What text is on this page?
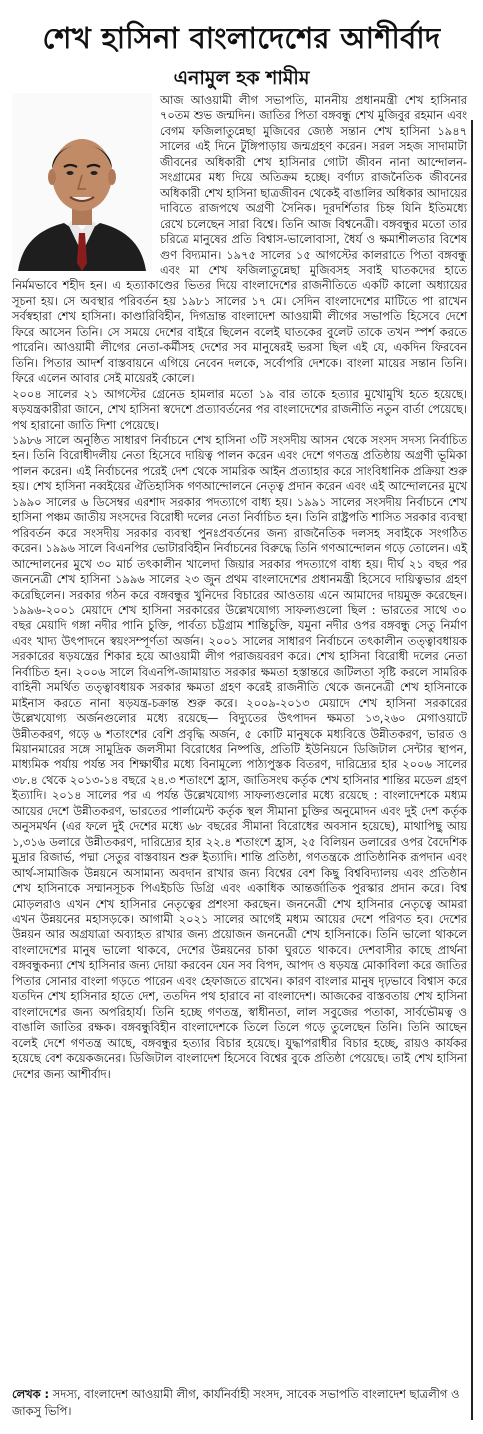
শেখ হাসিনা বাংলাদেশের আশীর্বাদ
এনামুল হক শামীম

আজ আওয়ামী লীগ সভাপতি, মাননীয় প্রধানমন্ত্রী শেখ হাসিনার ৭০তম শুভ জন্মদিন। জাতির পিতা বঙ্গবন্ধু শেখ মুজিবুর রহমান এবং বেগম ফজিলাতুন্নেছা মুজিবের জ্যেষ্ঠ সন্তান শেখ হাসিনা ১৯৪৭ সালের এই দিনে টুঙ্গিপাড়ায় জন্মগ্রহণ করেন। সরল সহজ সাদামাটা জীবনের অধিকারী শেখ হাসিনার গোটা জীবন নানা আন্দোলন-সংগ্রামের মধ্য দিয়ে অতিক্রম হচ্ছে। বর্ণাঢ্য রাজনৈতিক জীবনের অধিকারী শেখ হাসিনা ছাত্রজীবন থেকেই বাঙালির অধিকার আদায়ের দাবিতে রাজপথে অগ্রণী সৈনিক। দূরদর্শিতার চিহ্ন যিনি ইতিমধ্যে রেখে চলেছেন সারা বিশ্বে। তিনি আজ বিশ্বনেত্রী। বঙ্গবন্ধুর মতো তার চরিত্রে মানুষের প্রতি বিশ্বাস-ভালোবাসা, ধৈর্য ও ক্ষমাশীলতার বিশেষ গুণ বিদ্যমান। ১৯৭৫ সালের ১৫ আগস্টের কালরাতে পিতা বঙ্গবন্ধু এবং মা শেখ ফজিলাতুন্নেছা মুজিবসহ সবাই ঘাতকদের হাতে নির্মমভাবে শহীদ হন। এ হত্যাকাণ্ডের ভিতর দিয়ে বাংলাদেশের রাজনীতিতে একটি কালো অধ্যায়ের সূচনা হয়। সে অবস্থার পরিবর্তন হয় ১৯৮১ সালের ১৭ মে। সেদিন বাংলাদেশের মাটিতে পা রাখেন সর্বস্বহারা শেখ হাসিনা। কাণ্ডারিবিহীন, দিগভ্রান্ত বাংলাদেশ আওয়ামী লীগের সভাপতি হিসেবে দেশে ফিরে আসেন তিনি। সে সময়ে দেশের বাইরে ছিলেন বলেই ঘাতকের বুলেট তাকে তখন স্পর্শ করতে পারেনি। আওয়ামী লীগের নেতা-কর্মীসহ দেশের সব মানুষেরই ভরসা ছিল এই যে, একদিন ফিরবেন তিনি। পিতার আদর্শ বাস্তবায়নে এগিয়ে নেবেন দলকে, সর্বোপরি দেশকে। বাংলা মায়ের সন্তান তিনি। ফিরে এলেন আবার সেই মায়েরই কোলে।

২০০৪ সালের ২১ আগস্টের গ্রেনেড হামলার মতো ১৯ বার তাকে হত্যার মুখোমুখি হতে হয়েছে। ষড়যন্ত্রকারীরা জানে, শেখ হাসিনা স্বদেশে প্রত্যাবর্তনের পর বাংলাদেশের রাজনীতি নতুন বার্তা পেয়েছে। পথ হারানো জাতি দিশা পেয়েছে।

১৯৮৬ সালে অনুষ্ঠিত সাধারণ নির্বাচনে শেখ হাসিনা ৩টি সংসদীয় আসন থেকে সংসদ সদস্য নির্বাচিত হন। তিনি বিরোধীদলীয় নেতা হিসেবে দায়িত্ব পালন করেন এবং দেশে গণতন্ত্র প্রতিষ্ঠায় অগ্রণী ভূমিকা পালন করেন। এই নির্বাচনের পরেই দেশ থেকে সামরিক আইন প্রত্যাহার করে সাংবিধানিক প্রক্রিয়া শুরু হয়। শেখ হাসিনা নব্বইয়ের ঐতিহাসিক গণআন্দোলনে নেতৃত্ব প্রদান করেন এবং এই আন্দোলনের মুখে ১৯৯০ সালের ৬ ডিসেম্বর এরশাদ সরকার পদত্যাগে বাধ্য হয়। ১৯৯১ সালের সংসদীয় নির্বাচনে শেখ হাসিনা পঞ্চম জাতীয় সংসদের বিরোধী দলের নেতা নির্বাচিত হন। তিনি রাষ্ট্রপতি শাসিত সরকার ব্যবস্থা পরিবর্তন করে সংসদীয় সরকার ব্যবস্থা পুনঃপ্রবর্তনের জন্য রাজনৈতিক দলসহ সবাইকে সংগঠিত করেন। ১৯৯৬ সালে বিএনপির ভোটারবিহীন নির্বাচনের বিরুদ্ধে তিনি গণআন্দোলন গড়ে তোলেন। এই আন্দোলনের মুখে ৩০ মার্চ তৎকালীন খালেদা জিয়ার সরকার পদত্যাগে বাধ্য হয়। দীর্ঘ ২১ বছর পর জননেত্রী শেখ হাসিনা ১৯৯৬ সালের ২৩ জুন প্রথম বাংলাদেশের প্রধানমন্ত্রী হিসেবে দায়িত্বভার গ্রহণ করেছিলেন। সরকার গঠন করে বঙ্গবন্ধুর খুনিদের বিচারের আওতায় এনে আমাদের দায়মুক্ত করেছেন। ১৯৯৬-২০০১ মেয়াদে শেখ হাসিনা সরকারের উল্লেখযোগ্য সাফল্যগুলো ছিল : ভারতের সাথে ৩০ বছর মেয়াদি গঙ্গা নদীর পানি চুক্তি, পার্বত্য চট্টগ্রাম শান্তিচুক্তি, যমুনা নদীর ওপর বঙ্গবন্ধু সেতু নির্মাণ এবং খাদ্য উৎপাদনে স্বয়ংসম্পূর্ণতা অর্জন। ২০০১ সালের সাধারণ নির্বাচনে তৎকালীন তত্ত্বাবধায়ক সরকারের ষড়যন্ত্রের শিকার হয়ে আওয়ামী লীগ পরাজয়বরণ করে। শেখ হাসিনা বিরোধী দলের নেতা নির্বাচিত হন। ২০০৬ সালে বিএনপি-জামায়াত সরকার ক্ষমতা হস্তান্তরে জটিলতা সৃষ্টি করলে সামরিক বাহিনী সমর্থিত তত্ত্বাবধায়ক সরকার ক্ষমতা গ্রহণ করেই রাজনীতি থেকে জননেত্রী শেখ হাসিনাকে মাইনাস করতে নানা ষড়যন্ত্র-চক্রান্ত শুরু করে। ২০০৯-২০১৩ মেয়াদে শেখ হাসিনা সরকারের উল্লেখযোগ্য অর্জনগুলোর মধ্যে রয়েছে— বিদ্যুতের উৎপাদন ক্ষমতা ১৩,২৬০ মেগাওয়াটে উন্নীতকরণ, গড়ে ৬ শতাংশের বেশি প্রবৃদ্ধি অর্জন, ৫ কোটি মানুষকে মধ্যবিত্তে উন্নীতকরণ, ভারত ও মিয়ানমারের সঙ্গে সামুদ্রিক জলসীমা বিরোধের নিষ্পত্তি, প্রতিটি ইউনিয়নে ডিজিটাল সেন্টার স্থাপন, মাধ্যমিক পর্যায় পর্যন্ত সব শিক্ষার্থীর মধ্যে বিনামূল্যে পাঠ্যপুস্তক বিতরণ, দারিদ্র্যের হার ২০০৬ সালের ৩৮.৪ থেকে ২০১৩-১৪ বছরে ২৪.৩ শতাংশে হ্রাস, জাতিসংঘ কর্তৃক শেখ হাসিনার শান্তির মডেল গ্রহণ ইত্যাদি। ২০১৪ সালের পর এ পর্যন্ত উল্লেখযোগ্য সাফল্যগুলোর মধ্যে রয়েছে : বাংলাদেশকে মধ্যম আয়ের দেশে উন্নীতকরণ, ভারতের পার্লামেন্ট কর্তৃক স্থল সীমানা চুক্তির অনুমোদন এবং দুই দেশ কর্তৃক অনুসমর্থন (এর ফলে দুই দেশের মধ্যে ৬৮ বছরের সীমানা বিরোধের অবসান হয়েছে), মাথাপিছু আয় ১,৩১৬ ডলারে উন্নীতকরণ, দারিদ্র্যের হার ২২.৪ শতাংশে হ্রাস, ২৫ বিলিয়ন ডলারের ওপর বৈদেশিক মুদ্রার রিজার্ভ, পদ্মা সেতুর বাস্তবায়ন শুরু ইত্যাদি। শান্তি প্রতিষ্ঠা, গণতন্ত্রকে প্রাতিষ্ঠানিক রূপদান এবং আর্থ-সামাজিক উন্নয়নে অসামান্য অবদান রাখার জন্য বিশ্বের বেশ কিছু বিশ্ববিদ্যালয় এবং প্রতিষ্ঠান শেখ হাসিনাকে সম্মানসূচক পিএইচডি ডিগ্রি এবং একাধিক আন্তর্জাতিক পুরস্কার প্রদান করে। বিশ্ব মোড়লরাও এখন শেখ হাসিনার নেতৃত্বের প্রশংসা করছেন। জননেত্রী শেখ হাসিনার নেতৃত্বে আমরা এখন উন্নয়নের মহাসড়কে। আগামী ২০২১ সালের আগেই মধ্যম আয়ের দেশে পরিণত হব। দেশের উন্নয়ন আর অগ্রযাত্রা অব্যাহত রাখার জন্য প্রয়োজন জননেত্রী শেখ হাসিনাকে। তিনি ভালো থাকলে বাংলাদেশের মানুষ ভালো থাকবে, দেশের উন্নয়নের চাকা ঘুরতে থাকবে। দেশবাসীর কাছে প্রার্থনা বঙ্গবন্ধুকন্যা শেখ হাসিনার জন্য দোয়া করবেন যেন সব বিপদ, আপদ ও ষড়যন্ত্র মোকাবিলা করে জাতির পিতার সোনার বাংলা গড়তে পারেন এবং হেফাজতে রাখেন। কারণ বাংলার মানুষ দৃঢ়ভাবে বিশ্বাস করে যতদিন শেখ হাসিনার হাতে দেশ, ততদিন পথ হারাবে না বাংলাদেশ। আজকের বাস্তবতায় শেখ হাসিনা বাংলাদেশের জন্য অপরিহার্য। তিনি হচ্ছে গণতন্ত্র, স্বাধীনতা, লাল সবুজের পতাকা, সার্বভৌমত্ব ও বাঙালি জাতির রক্ষক। বঙ্গবন্ধুবিহীন বাংলাদেশকে তিলে তিলে গড়ে তুলেছেন তিনি। তিনি আছেন বলেই দেশে গণতন্ত্র আছে, বঙ্গবন্ধুর হত্যার বিচার হয়েছে। যুদ্ধাপরাধীর বিচার হচ্ছে, রায়ও কার্যকর হয়েছে বেশ কয়েকজনের। ডিজিটাল বাংলাদেশ হিসেবে বিশ্বের বুকে প্রতিষ্ঠা পেয়েছে। তাই শেখ হাসিনা দেশের জন্য আশীর্বাদ।

লেখক : সদস্য, বাংলাদেশ আওয়ামী লীগ, কার্যনির্বাহী সংসদ, সাবেক সভাপতি বাংলাদেশ ছাত্রলীগ ও জাকসু ভিপি।
